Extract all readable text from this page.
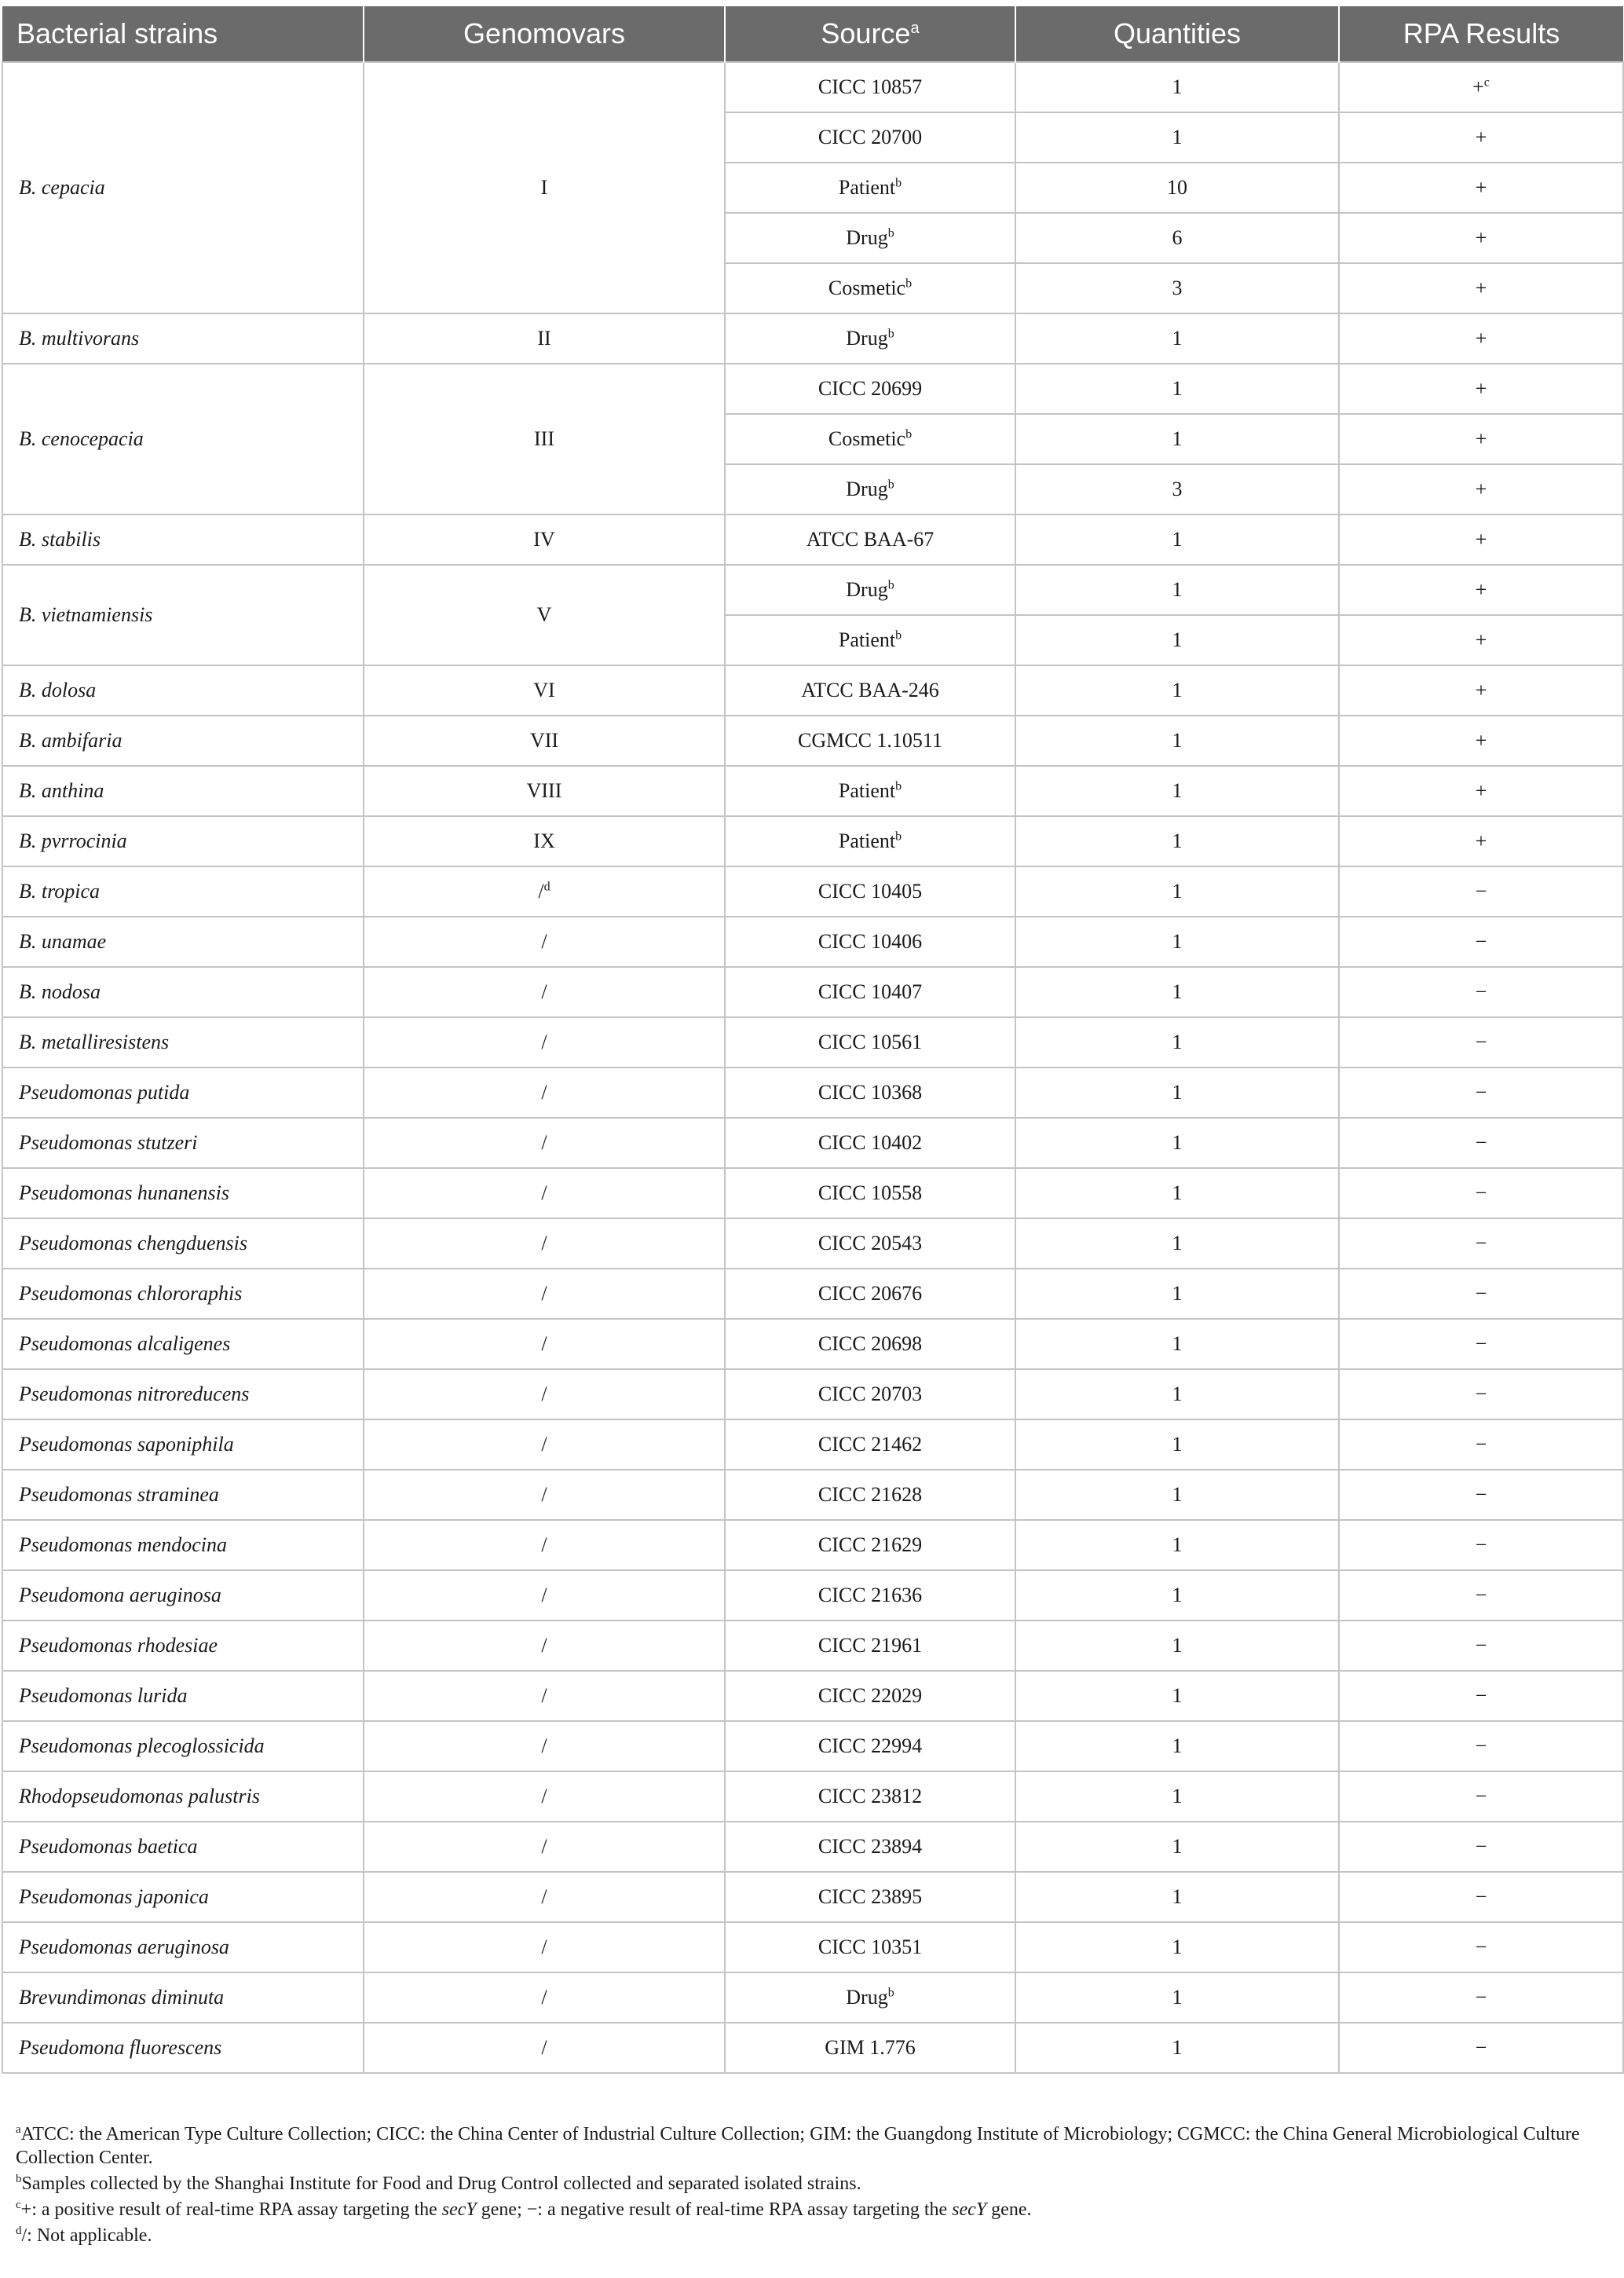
Bacterial strains	Genomovars	Source$^a$	Quantities	RPA Results
B. cepacia	I	CICC 10857	1	+$^c$
		CICC 20700	1	+
		Patient$^b$	10	+
		Drug$^b$	6	+
		Cosmetic$^b$	3	+
B. multivorans	II	Drug$^b$	1	+
B. cenocepacia	III	CICC 20699	1	+
		Cosmetic$^b$	1	+
		Drug$^b$	3	+
B. stabilis	IV	ATCC BAA-67	1	+
B. vietnamiensis	V	Drug$^b$	1	+
		Patient$^b$	1	+
B. dolosa	VI	ATCC BAA-246	1	+
B. ambifaria	VII	CGMCC 1.10511	1	+
B. anthina	VIII	Patient$^b$	1	+
B. pvrrocinia	IX	Patient$^b$	1	+
B. tropica	/$^d$	CICC 10405	1	−
B. unamae	/	CICC 10406	1	−
B. nodosa	/	CICC 10407	1	−
B. metalliresistens	/	CICC 10561	1	−
Pseudomonas putida	/	CICC 10368	1	−
Pseudomonas stutzeri	/	CICC 10402	1	−
Pseudomonas hunanensis	/	CICC 10558	1	−
Pseudomonas chengduensis	/	CICC 20543	1	−
Pseudomonas chlororaphis	/	CICC 20676	1	−
Pseudomonas alcaligenes	/	CICC 20698	1	−
Pseudomonas nitroreducens	/	CICC 20703	1	−
Pseudomonas saponiphila	/	CICC 21462	1	−
Pseudomonas straminea	/	CICC 21628	1	−
Pseudomonas mendocina	/	CICC 21629	1	−
Pseudomona aeruginosa	/	CICC 21636	1	−
Pseudomonas rhodesiae	/	CICC 21961	1	−
Pseudomonas lurida	/	CICC 22029	1	−
Pseudomonas plecoglossicida	/	CICC 22994	1	−
Rhodopseudomonas palustris	/	CICC 23812	1	−
Pseudomonas baetica	/	CICC 23894	1	−
Pseudomonas japonica	/	CICC 23895	1	−
Pseudomonas aeruginosa	/	CICC 10351	1	−
Brevundimonas diminuta	/	Drug$^b$	1	−
Pseudomona fluorescens	/	GIM 1.776	1	−

$^a$ATCC: the American Type Culture Collection; CICC: the China Center of Industrial Culture Collection; GIM: the Guangdong Institute of Microbiology; CGMCC: the China General Microbiological Culture Collection Center.

$^b$Samples collected by the Shanghai Institute for Food and Drug Control collected and separated isolated strains.

$^c$+: a positive result of real-time RPA assay targeting the secY gene; −: a negative result of real-time RPA assay targeting the secY gene.

$^d$/: Not applicable.
